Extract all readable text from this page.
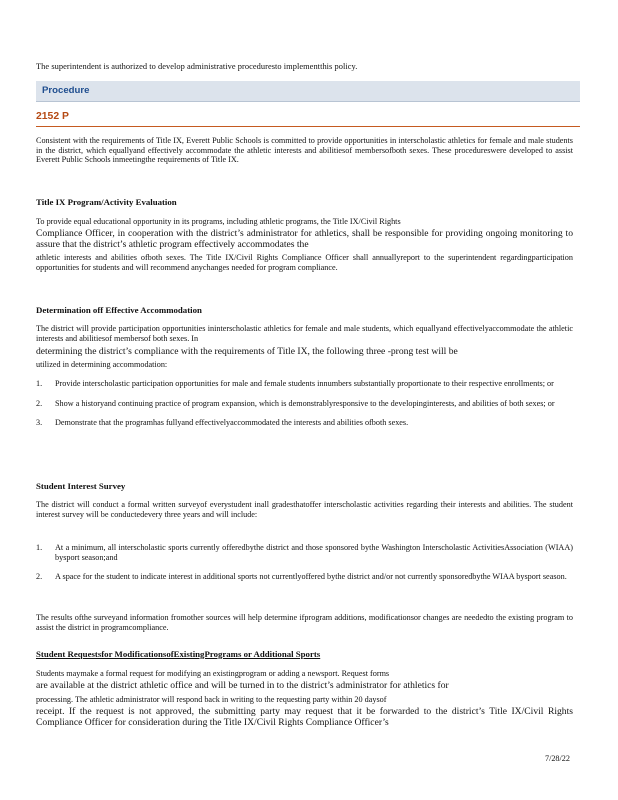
The superintendent is authorized to develop administrative proceduresto implementthis policy.
Procedure
2152 P
Consistent with the requirements of Title IX, Everett Public Schools is committed to provide opportunities in interscholastic athletics for female and male students in the district, which equallyand effectively accommodate the athletic interests and abilitiesof membersofboth sexes. These procedureswere developed to assist Everett Public Schools inmeetingthe requirements of Title IX.
Title IX Program/Activity Evaluation
To provide equal educational opportunity in its programs, including athletic programs, the Title IX/Civil Rights
Compliance Officer, in cooperation with the district’s administrator for athletics, shall be responsible for providing ongoing monitoring to assure that the district’s athletic program effectively accommodates the
athletic interests and abilities ofboth sexes. The Title IX/Civil Rights Compliance Officer shall annuallyreport to the superintendent regardingparticipation opportunities for students and will recommend anychanges needed for program compliance.
Determination off Effective Accommodation
The district will provide participation opportunities ininterscholastic athletics for female and male students, which equallyand effectivelyaccommodate the athletic interests and abilitiesof membersof both sexes. In
determining the district’s compliance with the requirements of Title IX, the following three -prong test will be
utilized in determining accommodation:
1. Provide interscholastic participation opportunities for male and female students innumbers substantially proportionate to their respective enrollments; or
2. Show a historyand continuing practice of program expansion, which is demonstrablyresponsive to the developinginterests, and abilities of both sexes; or
3. Demonstrate that the programhas fullyand effectivelyaccommodated the interests and abilities ofboth sexes.
Student Interest Survey
The district will conduct a formal written surveyof everystudent inall gradesthatoffer interscholastic activities regarding their interests and abilities. The student interest survey will be conductedevery three years and will include:
1. At a minimum, all interscholastic sports currently offeredbythe district and those sponsored bythe Washington Interscholastic ActivitiesAssociation (WIAA) bysport season;and
2. A space for the student to indicate interest in additional sports not currentlyoffered bythe district and/or not currently sponsoredbythe WIAA bysport season.
The results ofthe surveyand information fromother sources will help determine ifprogram additions, modificationsor changes are neededto the existing program to assist the district in programcompliance.
Student Requestsfor ModificationsofExistingPrograms or Additional Sports
Students maymake a formal request for modifying an existingprogram or adding a newsport. Request forms
are available at the district athletic office and will be turned in to the district’s administrator for athletics for
processing. The athletic administrator will respond back in writing to the requesting party within 20 daysof
receipt. If the request is not approved, the submitting party may request that it be forwarded to the district’s Title IX/Civil Rights Compliance Officer for consideration during the Title IX/Civil Rights Compliance Officer’s
7/28/22
